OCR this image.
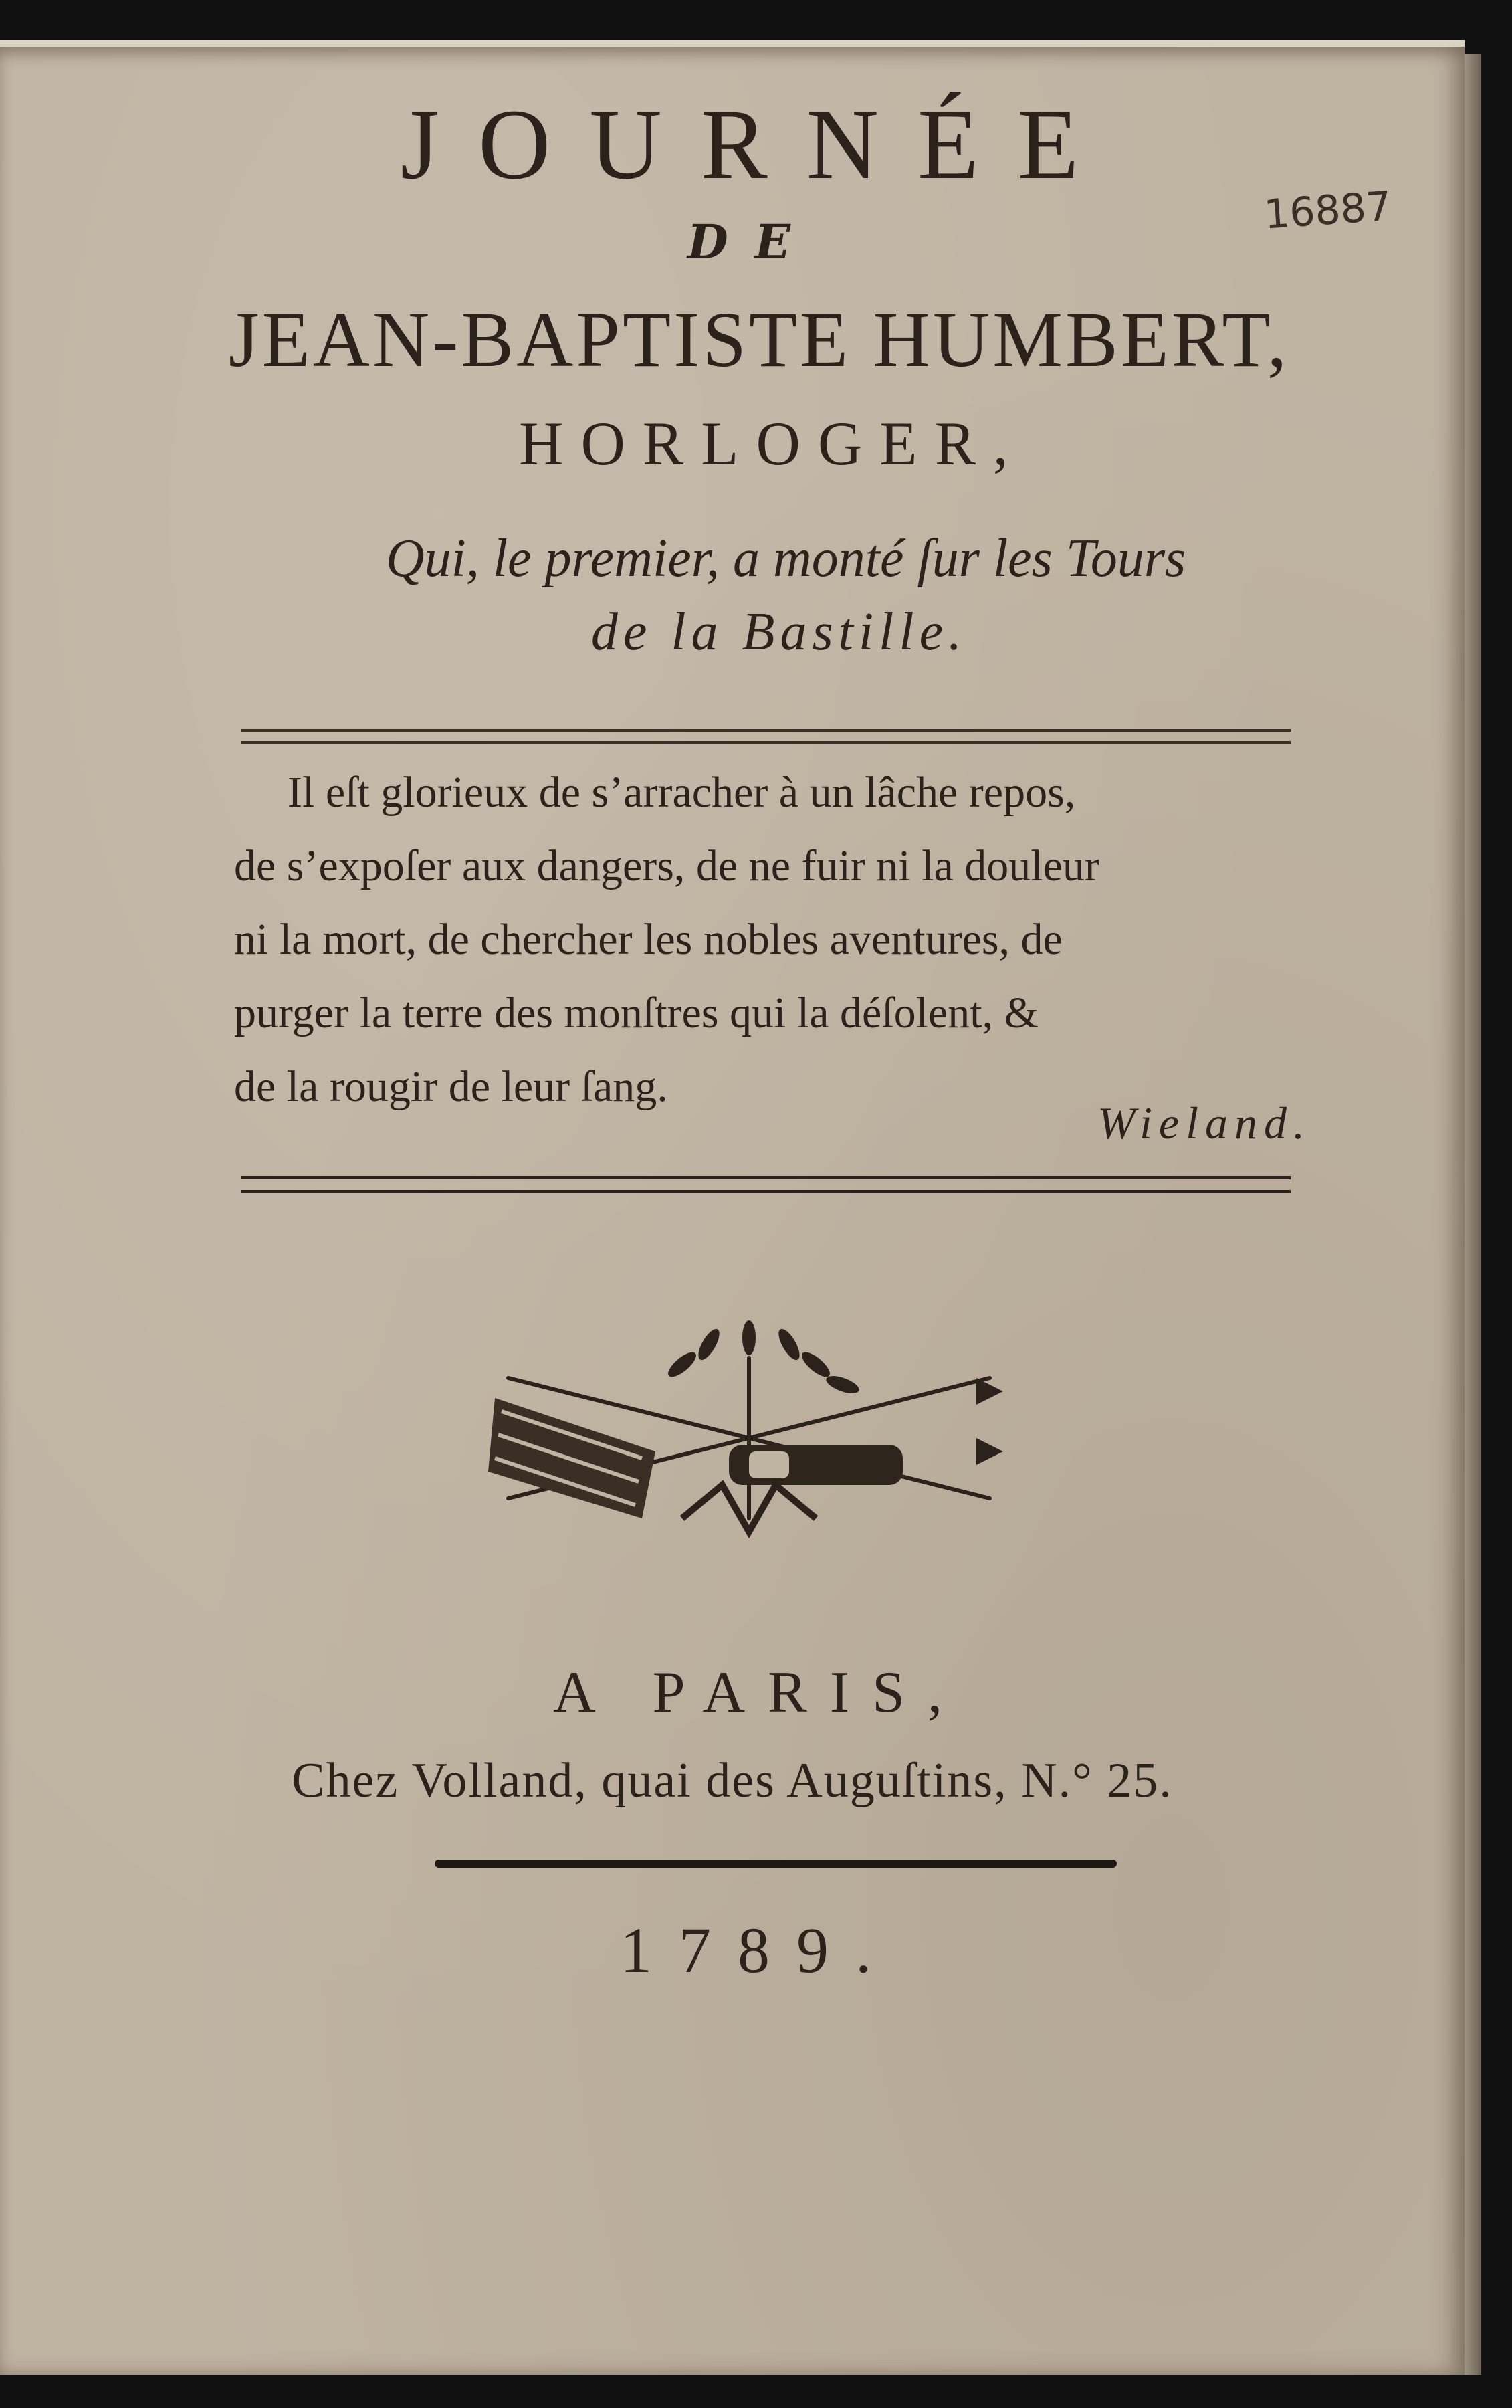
JOURNÉE
16887
DE
JEAN-BAPTISTE HUMBERT,
HORLOGER,
Qui, le premier, a monté ſur les Tours
de la Bastille.
Il eſt glorieux de s’arracher à un lâche repos,
de s’expoſer aux dangers, de ne fuir ni la douleur
ni la mort, de chercher les nobles aventures, de
purger la terre des monſtres qui la déſolent, &
de la rougir de leur ſang.
Wieland.
A PARIS,
Chez Volland, quai des Auguſtins, N.° 25.
1789.
